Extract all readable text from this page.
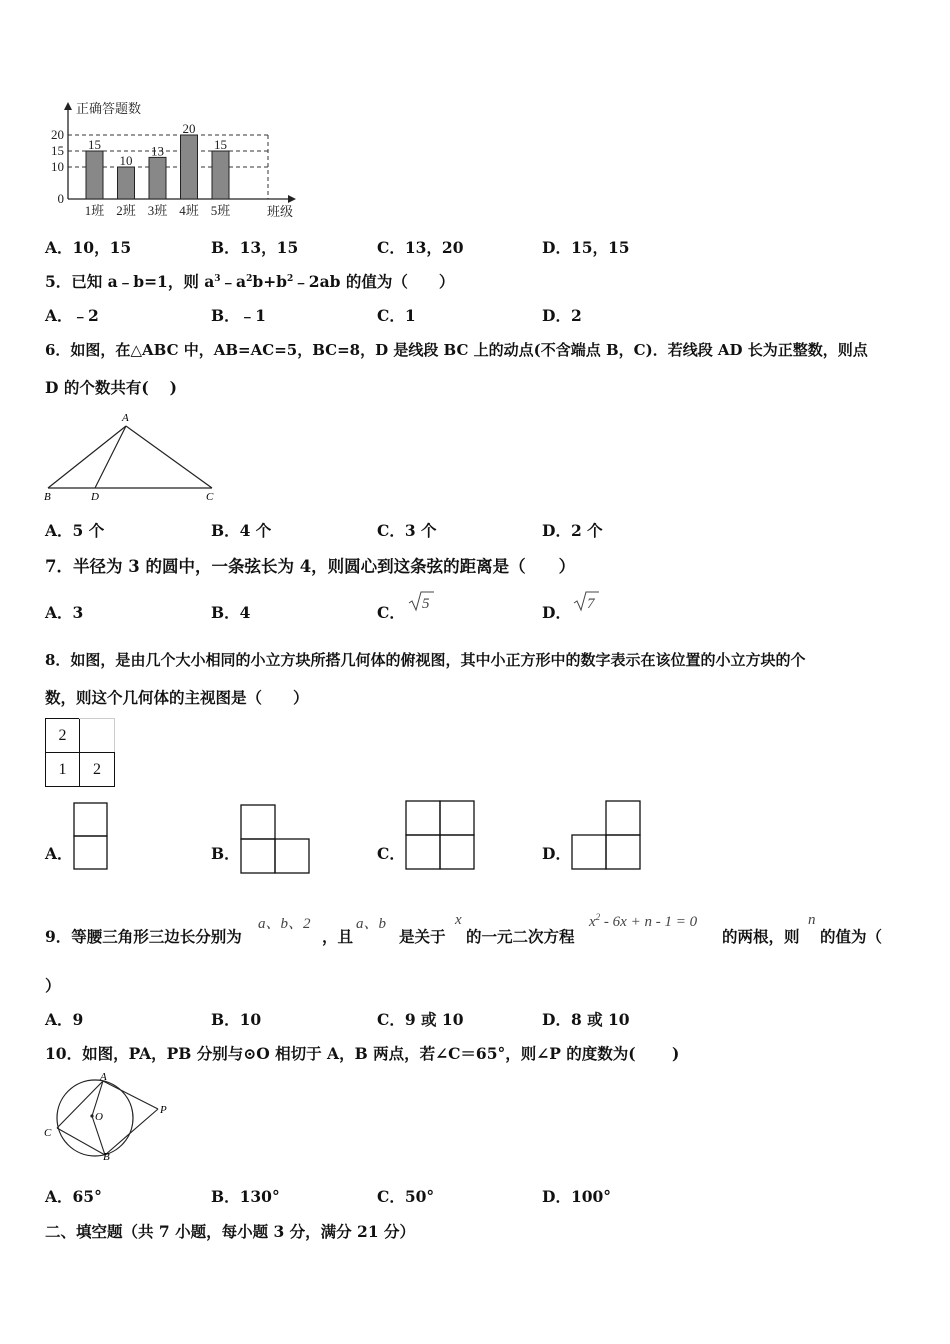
0
10
15
20
正确答题数
15
1班
10
2班
13
3班
20
4班
15
5班	班级
A．10，15	B．13，15	C．13，20	D．15，15
5．已知 a﹣b=1，则 $a^3﹣a^2b+b^2﹣2ab$ 的值为（　　）
A．﹣2	B．﹣1	C．1	D．2
6．如图，在△ABC 中，AB=AC=5，BC=8，D 是线段 BC 上的动点(不含端点 B，C)．若线段 AD 长为正整数，则点
D 的个数共有(　 )
A
B	D	C
A．5 个	B．4 个	C．3 个	D．2 个
7．半径为 3 的圆中，一条弦长为 4，则圆心到这条弦的距离是（　　）
A．3	B．4	C． 5	D． 7
8．如图，是由几个大小相同的小立方块所搭几何体的俯视图，其中小正方形中的数字表示在该位置的小立方块的个
数，则这个几何体的主视图是（　　）
2
1	2
A．	B．	C．	D．
9．等腰三角形三边长分别为
a、b、2
，且
a、b
是关于
x
的一元二次方程
$x^2 - 6x + n - 1 = 0$
的两根，则
n
的值为（
）
A．9	B．10	C．9 或 10	D．8 或 10
10．如图，PA，PB 分别与⊙O 相切于 A，B 两点，若∠C＝65°，则∠P 的度数为(　　 )
A
B
C
O
P
A．65°	B．130°	C．50°	D．100°
二、填空题（共 7 小题，每小题 3 分，满分 21 分）
